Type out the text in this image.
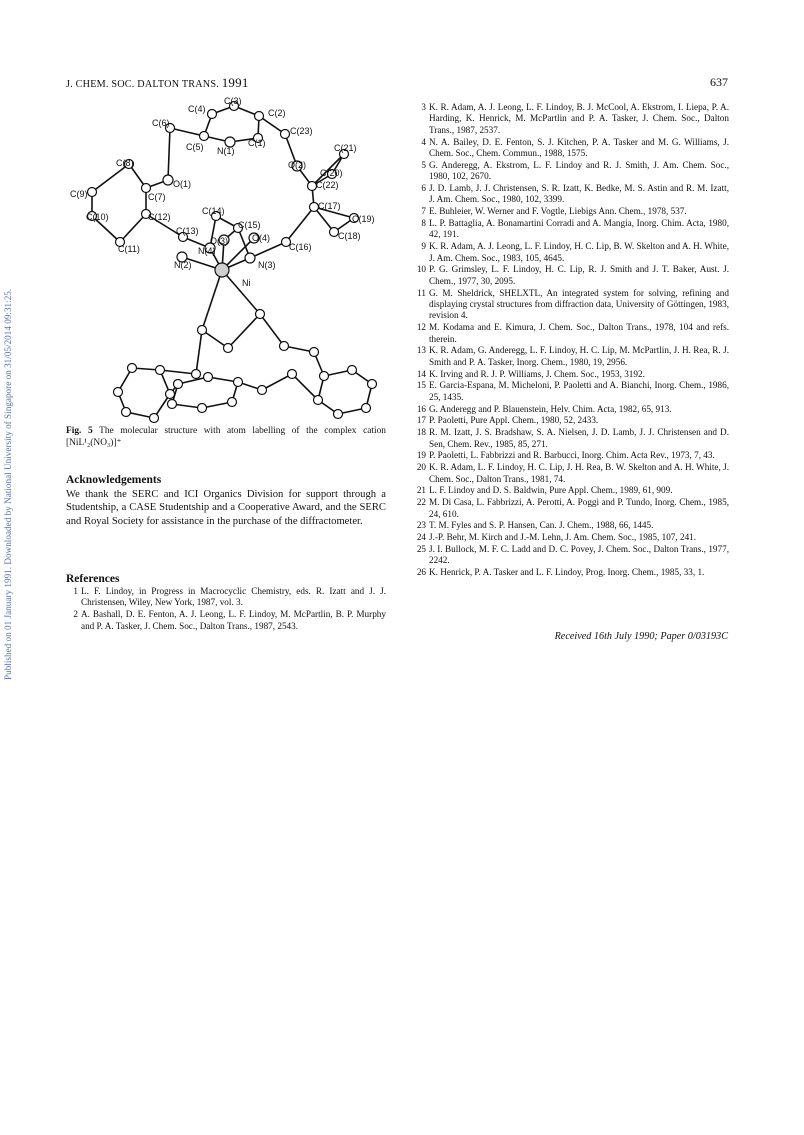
Published on 01 January 1991. Downloaded by National University of Singapore on 31/05/2014 09:31:25.
J. CHEM. SOC. DALTON TRANS. 1991	637
C(3)
C(4)	C(2)
C(6)
C(23)
C(5) N(1)
C(1)	C(21)
C(8)	O(2)
C(20)
O(1)
C(7)
C(22)
C(9)
C(17)
C(10)	C(12)
C(14)
C(19)
C(15)
C(18)
C(13)
O(3)	O(4)
C(11)	N(4)	C(16)
N(2)	N(3)
Ni
Fig. 5 The molecular structure with atom labelling of the complex cation [NiL¹₂(NO₃)]⁺
Acknowledgements
We thank the SERC and ICI Organics Division for support through a Studentship, a CASE Studentship and a Cooperative Award, and the SERC and Royal Society for assistance in the purchase of the diffractometer.
References
1 L. F. Lindoy, in Progress in Macrocyclic Chemistry, eds. R. Izatt and J. J. Christensen, Wiley, New York, 1987, vol. 3.
2 A. Bashall, D. E. Fenton, A. J. Leong, L. F. Lindoy, M. McPartlin, B. P. Murphy and P. A. Tasker, J. Chem. Soc., Dalton Trans., 1987, 2543.
3 K. R. Adam, A. J. Leong, L. F. Lindoy, B. J. McCool, A. Ekstrom, I. Liepa, P. A. Harding, K. Henrick, M. McPartlin and P. A. Tasker, J. Chem. Soc., Dalton Trans., 1987, 2537.
4 N. A. Bailey, D. E. Fenton, S. J. Kitchen, P. A. Tasker and M. G. Williams, J. Chem. Soc., Chem. Commun., 1988, 1575.
5 G. Anderegg, A. Ekstrom, L. F. Lindoy and R. J. Smith, J. Am. Chem. Soc., 1980, 102, 2670.
6 J. D. Lamb, J. J. Christensen, S. R. Izatt, K. Bedke, M. S. Astin and R. M. Izatt, J. Am. Chem. Soc., 1980, 102, 3399.
7 E. Buhleier, W. Werner and F. Vogtle, Liebigs Ann. Chem., 1978, 537.
8 L. P. Battaglia, A. Bonamartini Corradi and A. Mangia, Inorg. Chim. Acta, 1980, 42, 191.
9 K. R. Adam, A. J. Leong, L. F. Lindoy, H. C. Lip, B. W. Skelton and A. H. White, J. Am. Chem. Soc., 1983, 105, 4645.
10 P. G. Grimsley, L. F. Lindoy, H. C. Lip, R. J. Smith and J. T. Baker, Aust. J. Chem., 1977, 30, 2095.
11 G. M. Sheldrick, SHELXTL, An integrated system for solving, refining and displaying crystal structures from diffraction data, University of Göttingen, 1983, revision 4.
12 M. Kodama and E. Kimura, J. Chem. Soc., Dalton Trans., 1978, 104 and refs. therein.
13 K. R. Adam, G. Anderegg, L. F. Lindoy, H. C. Lip, M. McPartlin, J. H. Rea, R. J. Smith and P. A. Tasker, Inorg. Chem., 1980, 19, 2956.
14 K. Irving and R. J. P. Williams, J. Chem. Soc., 1953, 3192.
15 E. Garcia-Espana, M. Micheloni, P. Paoletti and A. Bianchi, Inorg. Chem., 1986, 25, 1435.
16 G. Anderegg and P. Blauenstein, Helv. Chim. Acta, 1982, 65, 913.
17 P. Paoletti, Pure Appl. Chem., 1980, 52, 2433.
18 R. M. Izatt, J. S. Bradshaw, S. A. Nielsen, J. D. Lamb, J. J. Christensen and D. Sen, Chem. Rev., 1985, 85, 271.
19 P. Paoletti, L. Fabbrizzi and R. Barbucci, Inorg. Chim. Acta Rev., 1973, 7, 43.
20 K. R. Adam, L. F. Lindoy, H. C. Lip, J. H. Rea, B. W. Skelton and A. H. White, J. Chem. Soc., Dalton Trans., 1981, 74.
21 L. F. Lindoy and D. S. Baldwin, Pure Appl. Chem., 1989, 61, 909.
22 M. Di Casa, L. Fabbrizzi, A. Perotti, A. Poggi and P. Tundo, Inorg. Chem., 1985, 24, 610.
23 T. M. Fyles and S. P. Hansen, Can. J. Chem., 1988, 66, 1445.
24 J.-P. Behr, M. Kirch and J.-M. Lehn, J. Am. Chem. Soc., 1985, 107, 241.
25 J. I. Bullock, M. F. C. Ladd and D. C. Povey, J. Chem. Soc., Dalton Trans., 1977, 2242.
26 K. Henrick, P. A. Tasker and L. F. Lindoy, Prog. Inorg. Chem., 1985, 33, 1.
Received 16th July 1990; Paper 0/03193C
